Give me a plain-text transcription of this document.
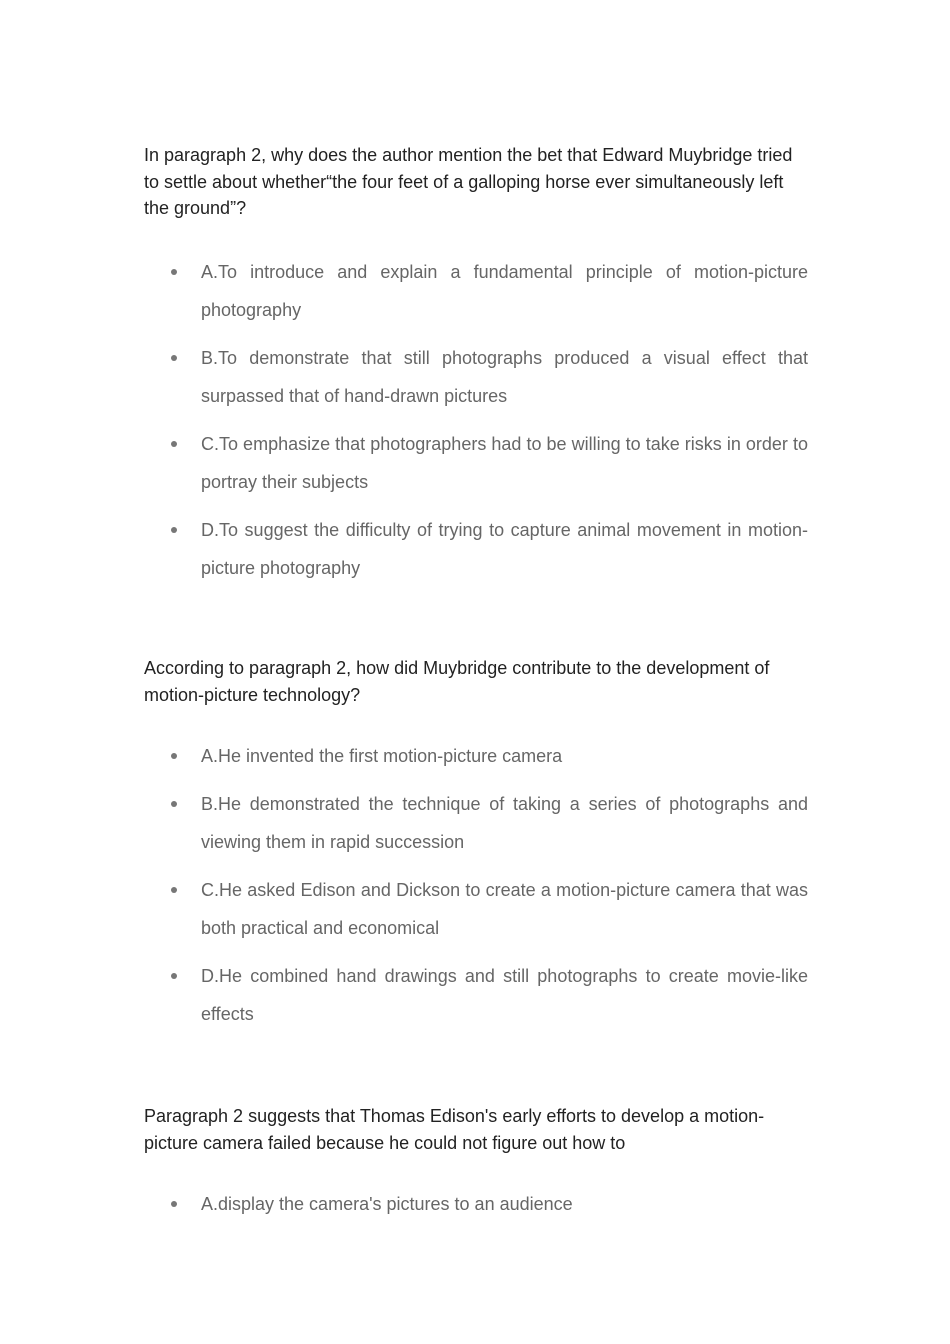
In paragraph 2, why does the author mention the bet that Edward Muybridge tried to settle about whether“the four feet of a galloping horse ever simultaneously left the ground”?

A.To introduce and explain a fundamental principle of motion-picture photography
B.To demonstrate that still photographs produced a visual effect that surpassed that of hand-drawn pictures
C.To emphasize that photographers had to be willing to take risks in order to portray their subjects
D.To suggest the difficulty of trying to capture animal movement in motion-picture photography

According to paragraph 2, how did Muybridge contribute to the development of motion-picture technology?

A.He invented the first motion-picture camera
B.He demonstrated the technique of taking a series of photographs and viewing them in rapid succession
C.He asked Edison and Dickson to create a motion-picture camera that was both practical and economical
D.He combined hand drawings and still photographs to create movie-like effects

Paragraph 2 suggests that Thomas Edison's early efforts to develop a motion-picture camera failed because he could not figure out how to

A.display the camera's pictures to an audience
